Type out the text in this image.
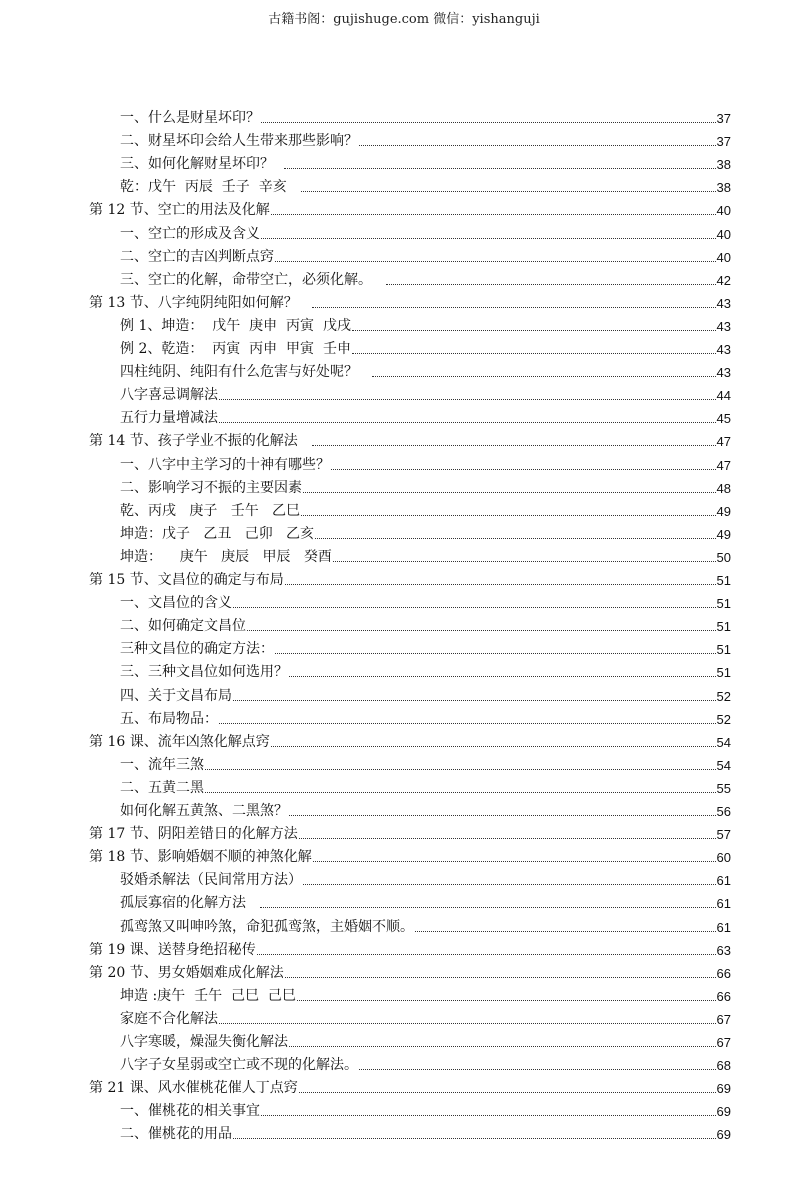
古籍书阁：gujishuge.com 微信：yishanguji
一、什么是财星坏印？	37
二、财星坏印会给人生带来那些影响？	37
三、如何化解财星坏印？	38
乾：戊午  丙辰  壬子  辛亥	38
第 12 节、空亡的用法及化解	40
一、空亡的形成及含义	40
二、空亡的吉凶判断点窍	40
三、空亡的化解，命带空亡，必须化解。	42
第 13 节、八字纯阴纯阳如何解？	43
例 1、坤造：  戊午  庚申  丙寅  戊戌	43
例 2、乾造：  丙寅  丙申  甲寅  壬申	43
四柱纯阴、纯阳有什么危害与好处呢？	43
八字喜忌调解法	44
五行力量增减法	45
第 14 节、孩子学业不振的化解法	47
一、八字中主学习的十神有哪些？	47
二、影响学习不振的主要因素	48
乾、丙戌   庚子   壬午   乙巳	49
坤造：戊子   乙丑   己卯   乙亥	49
坤造：    庚午   庚辰   甲辰   癸酉	50
第 15 节、文昌位的确定与布局	51
一、文昌位的含义	51
二、如何确定文昌位	51
三种文昌位的确定方法：	51
三、三种文昌位如何选用？	51
四、关于文昌布局	52
五、布局物品：	52
第 16 课、流年凶煞化解点窍	54
一、流年三煞	54
二、五黄二黑	55
如何化解五黄煞、二黑煞？	56
第 17 节、阴阳差错日的化解方法	57
第 18 节、影响婚姻不顺的神煞化解	60
驳婚杀解法（民间常用方法）	61
孤辰寡宿的化解方法	61
孤鸾煞又叫呻吟煞，命犯孤鸾煞，主婚姻不顺。	61
第 19 课、送替身绝招秘传	63
第 20 节、男女婚姻难成化解法	66
坤造 :庚午  壬午  己巳  己巳	66
家庭不合化解法	67
八字寒暖，燥湿失衡化解法	67
八字子女星弱或空亡或不现的化解法。	68
第 21 课、风水催桃花催人丁点窍	69
一、催桃花的相关事宜	69
二、催桃花的用品	69
